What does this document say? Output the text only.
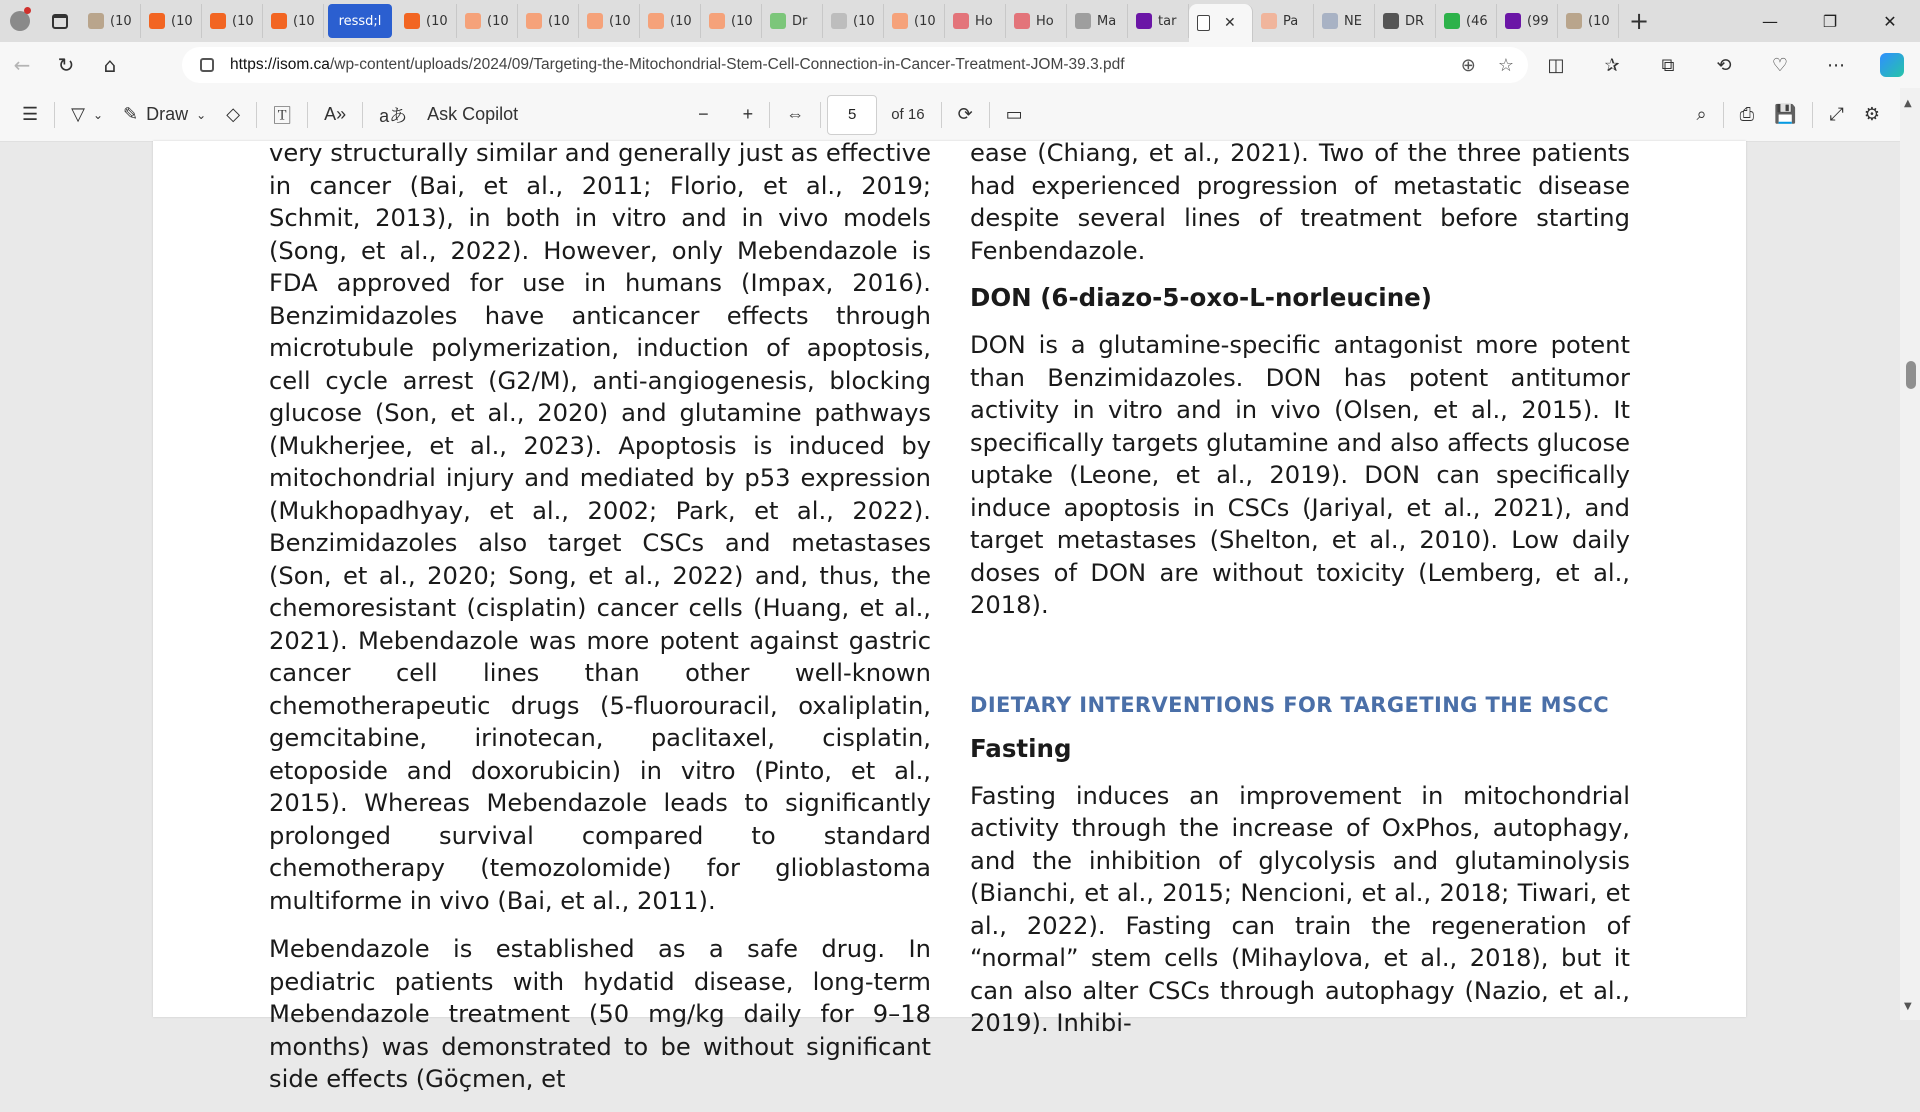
(10	(10	(10	(10 ressd;l	(10	(10	(10	(10	(10	(10	Dr	(10	(10	Ho	Ho	Ma	tar	✕	Pa	NE	DR	(46	(99	(10 +	—	❐	✕
←	↻	⌂	https://isom.ca/wp-content/uploads/2024/09/Targeting-the-Mitochondrial-Stem-Cell-Connection-in-Cancer-Treatment-JOM-39.3.pdf	⊕ ☆	◫	✰	⧉	⟲	♡	⋯
☰	▽ ⌄ ✎ Draw ⌄	◇	🅃	A»	aあ	Ask Copilot	−	+	⇔	5	of 16	⟳	▭	⌕	⎙	💾	⤢	⚙

very structurally similar and generally just as effective in cancer (Bai, et al., 2011; Florio, et al., 2019; Schmit, 2013), in both in vitro and in vivo models (Song, et al., 2022). However, only Mebendazole is FDA approved for use in humans (Impax, 2016). Benzimidazoles have anticancer effects through microtubule polymerization, induction of apoptosis, cell cycle arrest (G2/M), anti-angiogenesis, blocking glucose (Son, et al., 2020) and glutamine pathways (Mukherjee, et al., 2023). Apoptosis is induced by mitochondrial injury and mediated by p53 expression (Mukhopadhyay, et al., 2002; Park, et al., 2022). Benzimidazoles also target CSCs and metastases (Son, et al., 2020; Song, et al., 2022) and, thus, the chemoresistant (cisplatin) cancer cells (Huang, et al., 2021). Mebendazole was more potent against gastric cancer cell lines than other well-known chemotherapeutic drugs (5-fluorouracil, oxaliplatin, gemcitabine, irinotecan, paclitaxel, cisplatin, etoposide and doxorubicin) in vitro (Pinto, et al., 2015). Whereas Mebendazole leads to significantly prolonged survival compared to standard chemotherapy (temozolomide) for glioblastoma multiforme in vivo (Bai, et al., 2011).

Mebendazole is established as a safe drug. In pediatric patients with hydatid disease, long-term Mebendazole treatment (50 mg/kg daily for 9–18 months) was demonstrated to be without significant side effects (Göçmen, et

ease (Chiang, et al., 2021). Two of the three patients had experienced progression of metastatic disease despite several lines of treatment before starting Fenbendazole.

DON (6-diazo-5-oxo-L-norleucine)

DON is a glutamine-specific antagonist more potent than Benzimidazoles. DON has potent antitumor activity in vitro and in vivo (Olsen, et al., 2015). It specifically targets glutamine and also affects glucose uptake (Leone, et al., 2019). DON can specifically induce apoptosis in CSCs (Jariyal, et al., 2021), and target metastases (Shelton, et al., 2010). Low daily doses of DON are without toxicity (Lemberg, et al., 2018).

DIETARY INTERVENTIONS FOR TARGETING THE MSCC
Fasting

Fasting induces an improvement in mitochondrial activity through the increase of OxPhos, autophagy, and the inhibition of glycolysis and glutaminolysis (Bianchi, et al., 2015; Nencioni, et al., 2018; Tiwari, et al., 2022). Fasting can train the regeneration of “normal” stem cells (Mihaylova, et al., 2018), but it can also alter CSCs through autophagy (Nazio, et al., 2019). Inhibi-

▲
▼
